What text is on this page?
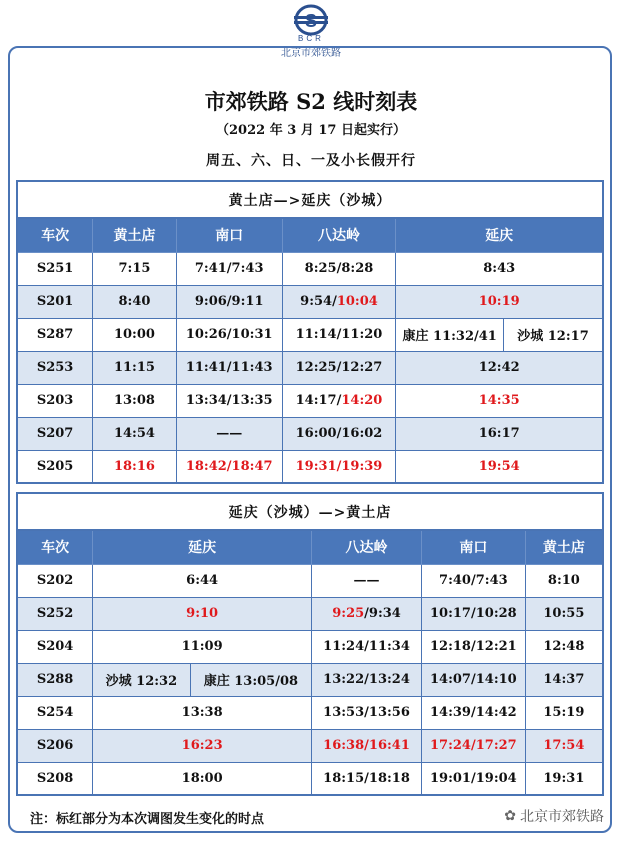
S
BCR
北京市郊铁路
市郊铁路 S2 线时刻表
（2022 年 3 月 17 日起实行）
周五、六、日、一及小长假开行
黄土店—>延庆（沙城）					
车次	黄土店	南口	八达岭	延庆	
S251	7:15	7:41/7:43	8:25/8:28	8:43	
S201	8:40	9:06/9:11	9:54/10:04	10:19	
S287	10:00	10:26/10:31	11:14/11:20	康庄 11:32/41	沙城 12:17
S253	11:15	11:41/11:43	12:25/12:27	12:42	
S203	13:08	13:34/13:35	14:17/14:20	14:35	
S207	14:54	——	16:00/16:02	16:17	
S205	18:16	18:42/18:47	19:31/19:39	19:54	
延庆（沙城）—>黄土店					
车次	延庆		八达岭	南口	黄土店
S202	6:44		——	7:40/7:43	8:10
S252	9:10		9:25/9:34	10:17/10:28	10:55
S204	11:09		11:24/11:34	12:18/12:21	12:48
S288	沙城 12:32	康庄 13:05/08	13:22/13:24	14:07/14:10	14:37
S254	13:38		13:53/13:56	14:39/14:42	15:19
S206	16:23		16:38/16:41	17:24/17:27	17:54
S208	18:00		18:15/18:18	19:01/19:04	19:31
注：标红部分为本次调图发生变化的时点	✿ 北京市郊铁路
